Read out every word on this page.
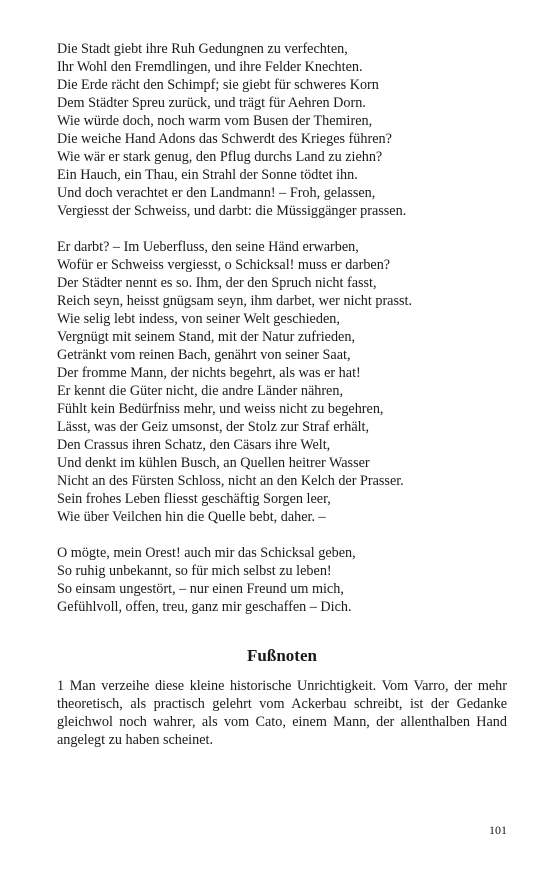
Die Stadt giebt ihre Ruh Gedungnen zu verfechten,
Ihr Wohl den Fremdlingen, und ihre Felder Knechten.
Die Erde rächt den Schimpf; sie giebt für schweres Korn
Dem Städter Spreu zurück, und trägt für Aehren Dorn.
Wie würde doch, noch warm vom Busen der Themiren,
Die weiche Hand Adons das Schwerdt des Krieges führen?
Wie wär er stark genug, den Pflug durchs Land zu ziehn?
Ein Hauch, ein Thau, ein Strahl der Sonne tödtet ihn.
Und doch verachtet er den Landmann! – Froh, gelassen,
Vergiesst der Schweiss, und darbt: die Müssiggänger prassen.
Er darbt? – Im Ueberfluss, den seine Händ erwarben,
Wofür er Schweiss vergiesst, o Schicksal! muss er darben?
Der Städter nennt es so. Ihm, der den Spruch nicht fasst,
Reich seyn, heisst gnügsam seyn, ihm darbet, wer nicht prasst.
Wie selig lebt indess, von seiner Welt geschieden,
Vergnügt mit seinem Stand, mit der Natur zufrieden,
Getränkt vom reinen Bach, genährt von seiner Saat,
Der fromme Mann, der nichts begehrt, als was er hat!
Er kennt die Güter nicht, die andre Länder nähren,
Fühlt kein Bedürfniss mehr, und weiss nicht zu begehren,
Lässt, was der Geiz umsonst, der Stolz zur Straf erhält,
Den Crassus ihren Schatz, den Cäsars ihre Welt,
Und denkt im kühlen Busch, an Quellen heitrer Wasser
Nicht an des Fürsten Schloss, nicht an den Kelch der Prasser.
Sein frohes Leben fliesst geschäftig Sorgen leer,
Wie über Veilchen hin die Quelle bebt, daher. –
O mögte, mein Orest! auch mir das Schicksal geben,
So ruhig unbekannt, so für mich selbst zu leben!
So einsam ungestört, – nur einen Freund um mich,
Gefühlvoll, offen, treu, ganz mir geschaffen – Dich.
Fußnoten

1 Man verzeihe diese kleine historische Unrichtigkeit. Vom Varro, der mehr theoretisch, als practisch gelehrt vom Ackerbau schreibt, ist der Gedanke gleichwol noch wahrer, als vom Cato, einem Mann, der allenthalben Hand angelegt zu haben scheinet.

101
